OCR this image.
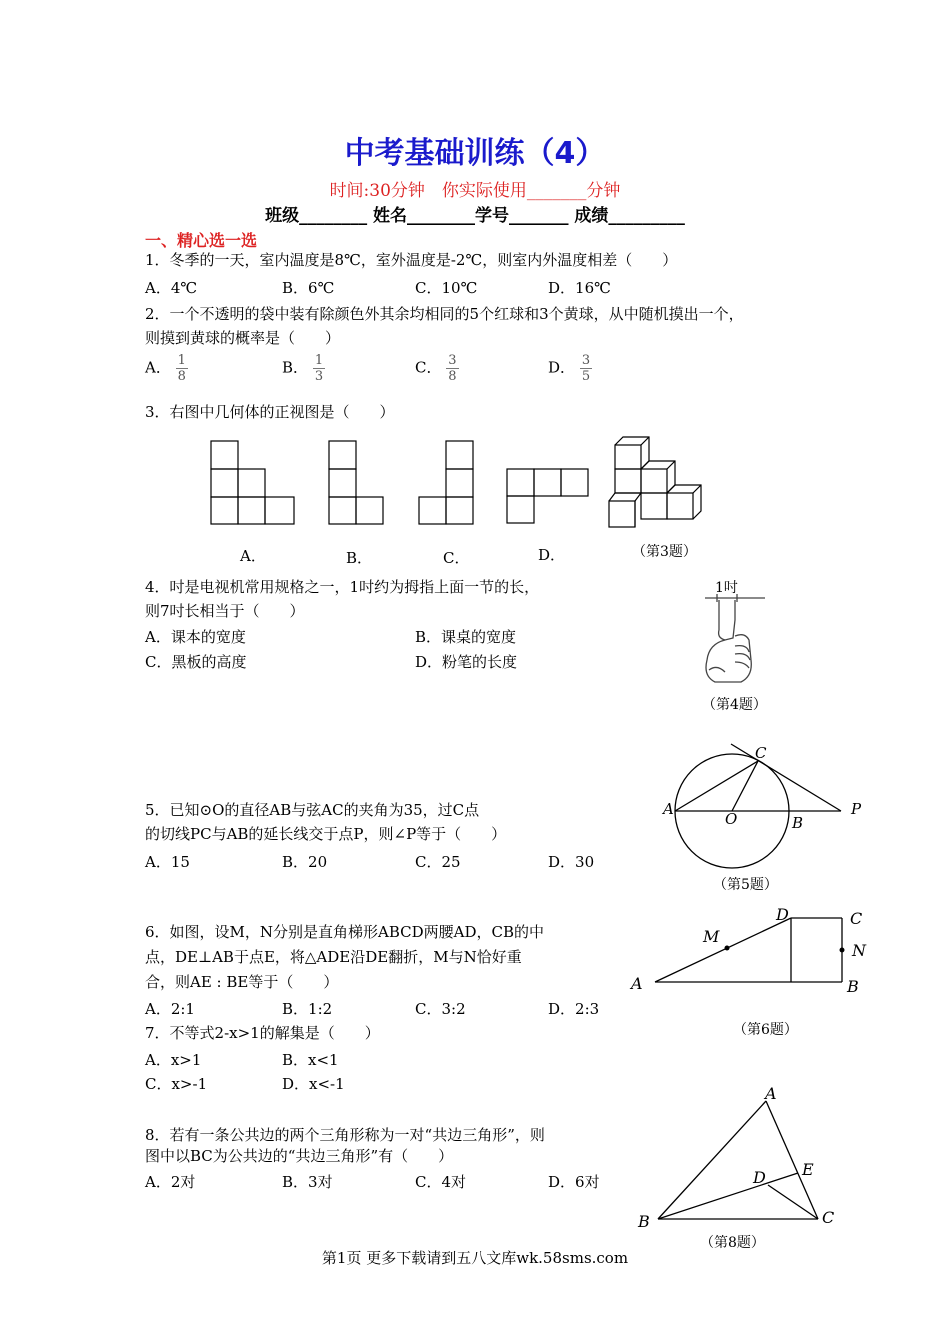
中考基础训练（4）
时间:30分钟　你实际使用_______分钟
班级________ 姓名________学号_______ 成绩_________
一、精心选一选
1．冬季的一天，室内温度是8℃，室外温度是-2℃，则室内外温度相差（　　）
A．4℃	B．6℃	C．10℃	D．16℃
2．一个不透明的袋中装有除颜色外其余均相同的5个红球和3个黄球，从中随机摸出一个，
则摸到黄球的概率是（　　）
A． $\frac{1}{8}$	B． $\frac{1}{3}$	C． $\frac{3}{8}$	D． $\frac{3}{5}$
3．右图中几何体的正视图是（　　）
A．	B．	C．	D．	（第3题）
4．吋是电视机常用规格之一，1吋约为拇指上面一节的长，
则7吋长相当于（　　）
A．课本的宽度	B．课桌的宽度
C．黑板的高度	D．粉笔的长度
1吋
（第4题）
5．已知⊙O的直径AB与弦AC的夹角为35，过C点
的切线PC与AB的延长线交于点P，则∠P等于（　　）
A．15	B．20	C．25	D．30
A
O	B
C
P
（第5题）
6．如图，设M，N分别是直角梯形ABCD两腰AD，CB的中
点，DE⊥AB于点E，将△ADE沿DE翻折，M与N恰好重
合，则AE : BE等于（　　）
A．2:1	B．1:2	C．3:2	D．2:3
A	B
C
D
M
N
（第6题）
7．不等式2-x>1的解集是（　　）
A．x>1	B．x<1
C．x>-1	D．x<-1
8．若有一条公共边的两个三角形称为一对“共边三角形”，则
图中以BC为公共边的“共边三角形”有（　　）
A．2对	B．3对	C．4对	D．6对
A
B	C
D E
（第8题）
第1页 更多下载请到五八文库wk.58sms.com
